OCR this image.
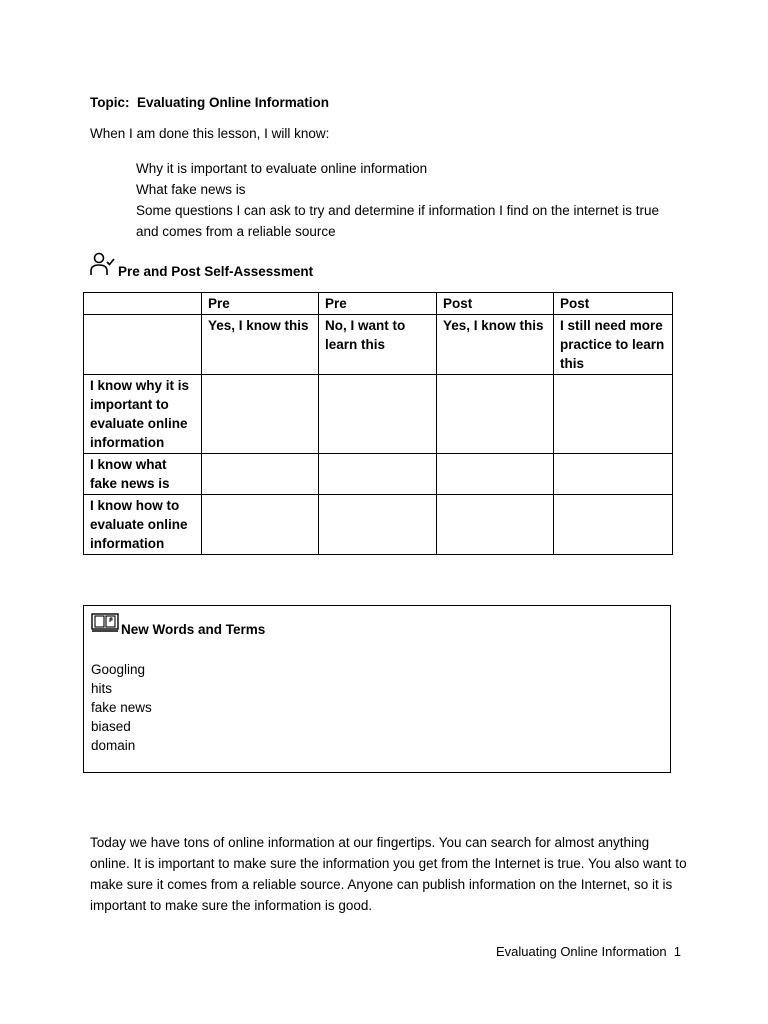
Topic:  Evaluating Online Information
When I am done this lesson, I will know:
Why it is important to evaluate online information
What fake news is
Some questions I can ask to try and determine if information I find on the internet is true and comes from a reliable source
Pre and Post Self-Assessment
	Pre	Pre	Post	Post
	Yes, I know this	No, I want to learn this	Yes, I know this	I still need more practice to learn this
I know why it is important to evaluate online information				
I know what fake news is				
I know how to evaluate online information				
New Words and Terms
Googling
hits
fake news
biased
domain
Today we have tons of online information at our fingertips. You can search for almost anything online. It is important to make sure the information you get from the Internet is true. You also want to make sure it comes from a reliable source. Anyone can publish information on the Internet, so it is important to make sure the information is good.
Evaluating Online Information  1
